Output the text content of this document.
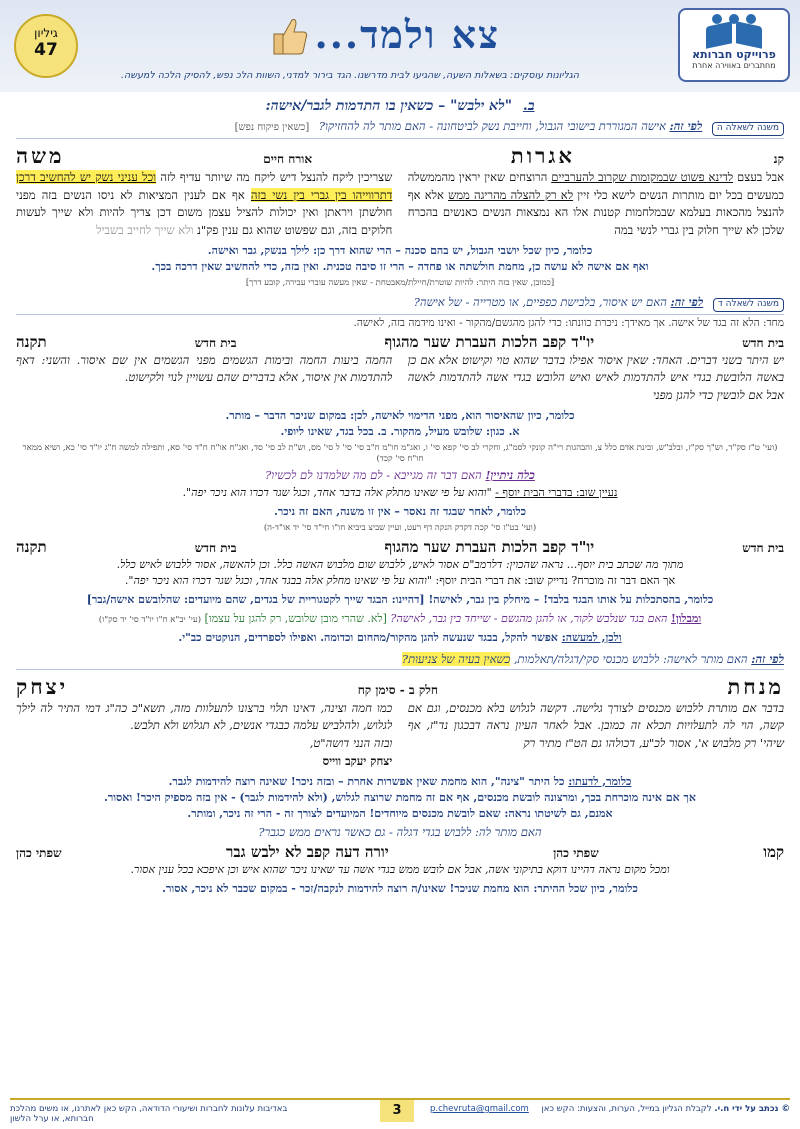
פרוייקט חברותא
מחתברים באווירה אחרת
צא ולמד...
גיליון
47
הגליונות עוסקים: בשאלות השעה, שהגיעו לבית מדרשנו. הגד בירור למדני, השוות הלכ נפש, להסיק הלכה למעשה.
ב. "לא ילבש" – כשאין בו התדמות לגבר/אישה:
משנה לשאלה ה לפי זה: אישה המגוררת בישובי הגבול, וחייבת נשק לביטחונה - האם מותר לה להחזיקו? [כשאין פיקוח נפש]
קנ
אגרות
אורח חיים
משה
אבל בעצם לדינא פשוט שבמקומות שקרוב להערביים הרוצחים שאין יראין מהממשלה כמעשים בכל יום מותרות הנשים לישא כלי זיין לא רק להצלה מהריגה ממש אלא אף להנצל מהכאות בעלמא שבמלחמות קטנות אלו הא נמצאות הנשים כאנשים בהכרח שלכן לא שייך חלוק בין גברי לנשי במה
שצריכין ליקח להנצל דיש ליקח מה שיותר עדיף לזה וכל עניני נשק יש להחשיב דרכן דתרווייהו בין גברי בין נשי בזה אף אם לענין המציאות לא ניסו הנשים בזה מפני חולשתן ויראתן ואין יכולות להציל עצמן משום דכן צריך להיות ולא שייך לעשות חלוקים בזה, וגם שפשוט שהוא גם ענין פק"נ ולא שייך לחייב בשביל
כלומר, כיון שכל יושבי הגבול, יש בהם סכנה – הרי שהוא דרך כן: לילך בנשק, גבר ואישה.
ואף אם אישה לא עושה כן, מחמת חולשתה או פחדה – הרי זו סיבה טכנית. ואין בזה, כדי להחשיב שאין דרכה בכך.
[כמובן, שאין בזה היתר: להיות שוטרת/חיילת/מאבטחת - שאין מעשה עוברי עבירה, קובע דרך]
משנה לשאלה ד לפי זה: האם יש איסור, בלבישת כפפיים, או מטרייה - של אישה?
מחד: הלא זה בגד של אישה. אך מאידך: ניכרת כוונתו: כדי להגן מהגשם/מהקור - ואינו מידמה בזה, לאישה.
בית חדש
יו"ד קפב הלכות העברת שער מהגוף
בית חדש
תקנה
יש היתר בשני דברים. האחד: שאין איסור אפילו בדבר שהוא טוי וקישוט אלא אם כן באשה הלובשת בגדי איש להתדמות לאיש ואיש הלובש בגדי אשה להתדמות לאשה אבל אם לובשין כדי להגן מפני
החמה ביעות החמה ובימות הגשמים מפני הגשמים אין שם איסור. והשני: דאף להתדמות אין איסור, אלא בדברים שהם עשויין לנוי ולקישוט.
כלומר, כיון שהאיסור הוא, מפני הדימוי לאישה, לכן: במקום שניכר הדבר – מותר.
א. כגון: שלובש מעיל, מהקור. ב. בכל בגד, שאינו ליופי.
(ועי' ט"ז סק"ד, וש"ך סק"ז, ובלב"ש, ובינת אדם כלל צ, והבהגות רי"ה קונקי לסמ"ג, וחקרי לב סי' קפא סי' ו, ואג"מ חו"מ ח"ב סי' סי' ל סי' מס, וש"ת לב סי' סד, ואג"ח או"ח ח"ד סי' סא, ותפילה למשה ח"ג יו"ד סי' כא, ושיא ממאר חו"ח סי' קכד)
כלה ניתיין! האם דבר זה מגייבא - לם מה שלמדנו לם לכשיו?
נעיין שוב: בדברי הבית יוסף - "והוא על פי שאינו מתלק אלה בדבר אחד, וכגל שגר דכרו הוא ניכר יפה".
כלומר, לאחר שבגד זה נאסר – אין זו משנה, האם זה ניכר.
(ועי' בט"ז סי' קכה דקדק הנקה דף רעט, ועיין שביצ ביביא חו"ו חי"ד סי' יד או"ד-ה)
בית חדש
יו"ד קפב הלכות העברת שער מהגוף
בית חדש
תקנה
מתוך מה שכתב בית יוסף... נראה שהכוין: דלרמב"ם אסור לאיש, ללבוש שום מלבוש האשה כלל. וכן להאשה, אסור ללבוש לאיש כלל.
אך האם דבר זה מוכרח? נדייק שוב: את דברי הבית יוסף: "והוא על פי שאינו מחלק אלה בבגד אחד, וכגל שגר דכרו הוא ניכר יפה".
כלומר, בהסתכלות על אותו הבגד בלבד! – מיחלק בין גבר, לאישה! [דהיינו: הבגד שייך לקטגוריית של בגדים, שהם מיועדים: שהלובשם אישה/גבר]
ומבלון! האם בגד שנלבש לקור, או להגן מהגשם - שייחד בין גבר, לאישה? [לא. שהרי מובן שלובש, רק להגן על עצמו] (עי' יב"א ח"ו יו"ד סי' יד סק"ו)
ולכן, למעשה: אפשר להקל, בבגד שנעשה להגן מהקור/מהחום וכדומה. ואפילו לספרדים, הנוקטים כב"י.
לפי זה: האם מותר לאישה: ללבוש מכנסי סקי/דגלה/תאלמות, כשאין בעיה של צניעות?
מנחת
חלק ב - סימן קח
יצחק
בדבר אם מותרת ללבוש מכנסים לצורך גלישה. דקשה לגלוש בלא מכנסים, וגם אם קשה, הוי לה לתעלויות תכלא זה כמובן. אבל לאחר העיון נראה דבכגון נד"ז, אף שיהי' רק מלבוש א', אסור לכ"ע, דכולהו גם הט"ז מתיר רק
כמו חמה וצינה, דאינו תלוי ברצונו לתעלוות מזה, תשא"כ כה"ג דמי התיר לה לילך לגלוש, ולהלביש עלמה כבגדי אנשים, לא תגלוש ולא תלבש.
ובזה הנני דושה"ט,
יצחק יעקב ווייס
כלומר, לדעתו: כל היתר "צינה", הוא מחמת שאין אפשרות אחרת – ובזה ניכר! שאינה רוצה להידמות לגבר.
אך אם אינה מוכרחת בכך, ומרצונה לובשת מכנסים, אף אם זה מחמת שרוצה לגלוש, (ולא להידמות לגבר) - אין בזה מספיק היכר! ואסור.
אמנם, גם לשיטתו נראה: שאם לובשת מכנסים מיוחדים! המיועדים לצורך זה - הרי זה ניכר, ומותר.
האם מותר לה: ללבוש בגדי דגלה - גם כאשר נראים ממש כגבר?
קמו
שפתי כהן
יורה דעה קפב לא ילבש גבר
שפתי כהן
ומכל מקום נראה דהיינו דוקא בתיקוני אשה, אבל אם לובש ממש בגדי אשה עד שאינו ניכר שהוא איש וכן איפכא בכל ענין אסור.
כלומר, כיון שכל ההיתר: הוא מחמת שניכר! שאינו/ה רוצה להידמות לנקבה/זכר - במקום שכבר לא ניכר, אסור.
© נכתב על ידי ח.י. לקבלת הגליון במייל, הערות, והצעות: הקש כאן
3	p.chevruta@gmail.com
באדיבות עלונות לחברות ושיעורי הדודאה, הקש כאן לאתרנו, או משים מהלכת חברותא, או ערל הלשון
